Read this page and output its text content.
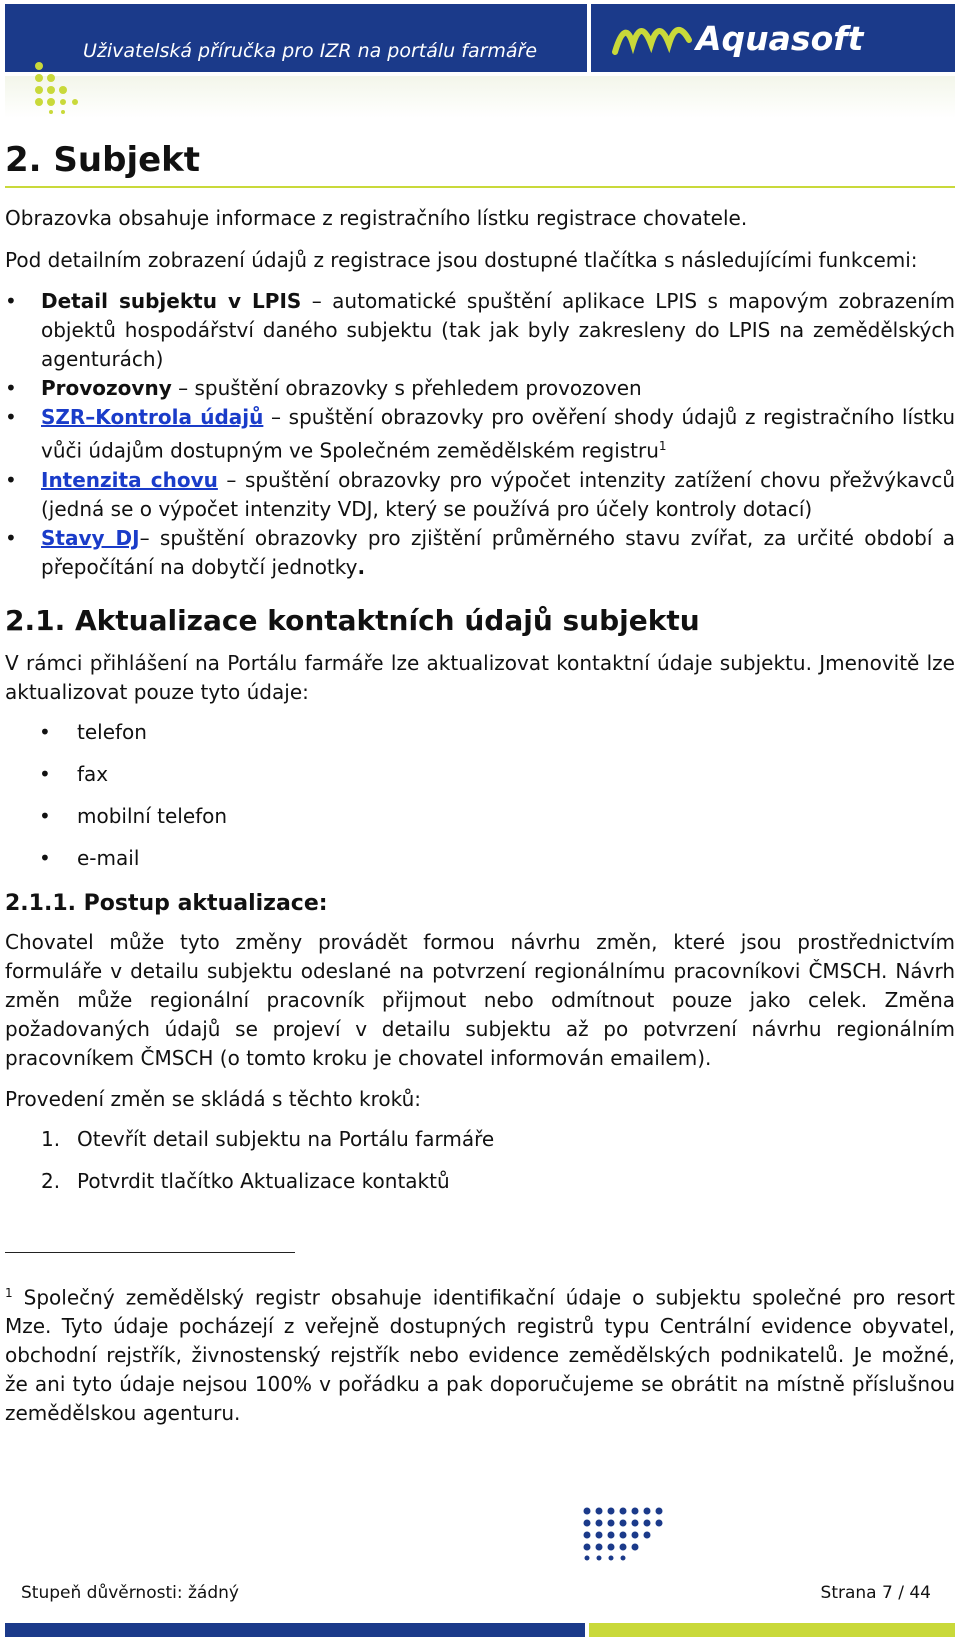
Uživatelská příručka pro IZR na portálu farmáře	Aquasoft
2. Subjekt

Obrazovka obsahuje informace z registračního lístku registrace chovatele.

Pod detailním zobrazení údajů z registrace jsou dostupné tlačítka s následujícími funkcemi:

• Detail subjektu v LPIS – automatické spuštění aplikace LPIS s mapovým zobrazením objektů hospodářství daného subjektu (tak jak byly zakresleny do LPIS na zemědělských agenturách)
• Provozovny – spuštění obrazovky s přehledem provozoven
• SZR–Kontrola údajů – spuštění obrazovky pro ověření shody údajů z registračního lístku vůči údajům dostupným ve Společném zemědělském registru$^1$
• Intenzita chovu – spuštění obrazovky pro výpočet intenzity zatížení chovu přežvýkavců (jedná se o výpočet intenzity VDJ, který se používá pro účely kontroly dotací)
• Stavy DJ– spuštění obrazovky pro zjištění průměrného stavu zvířat, za určité období a přepočítání na dobytčí jednotky.
2.1. Aktualizace kontaktních údajů subjektu

V rámci přihlášení na Portálu farmáře lze aktualizovat kontaktní údaje subjektu. Jmenovitě lze aktualizovat pouze tyto údaje:

• telefon
• fax
• mobilní telefon
• e-mail
2.1.1. Postup aktualizace:

Chovatel může tyto změny provádět formou návrhu změn, které jsou prostřednictvím formuláře v detailu subjektu odeslané na potvrzení regionálnímu pracovníkovi ČMSCH. Návrh změn může regionální pracovník přijmout nebo odmítnout pouze jako celek. Změna požadovaných údajů se projeví v detailu subjektu až po potvrzení návrhu regionálním pracovníkem ČMSCH (o tomto kroku je chovatel informován emailem).

Provedení změn se skládá s těchto kroků:

1. Otevřít detail subjektu na Portálu farmáře
2. Potvrdit tlačítko Aktualizace kontaktů

$^1$ Společný zemědělský registr obsahuje identifikační údaje o subjektu společné pro resort Mze. Tyto údaje pocházejí z veřejně dostupných registrů typu Centrální evidence obyvatel, obchodní rejstřík, živnostenský rejstřík nebo evidence zemědělských podnikatelů. Je možné, že ani tyto údaje nejsou 100% v pořádku a pak doporučujeme se obrátit na místně příslušnou zemědělskou agenturu.

Stupeň důvěrnosti: žádný	Strana 7 / 44
